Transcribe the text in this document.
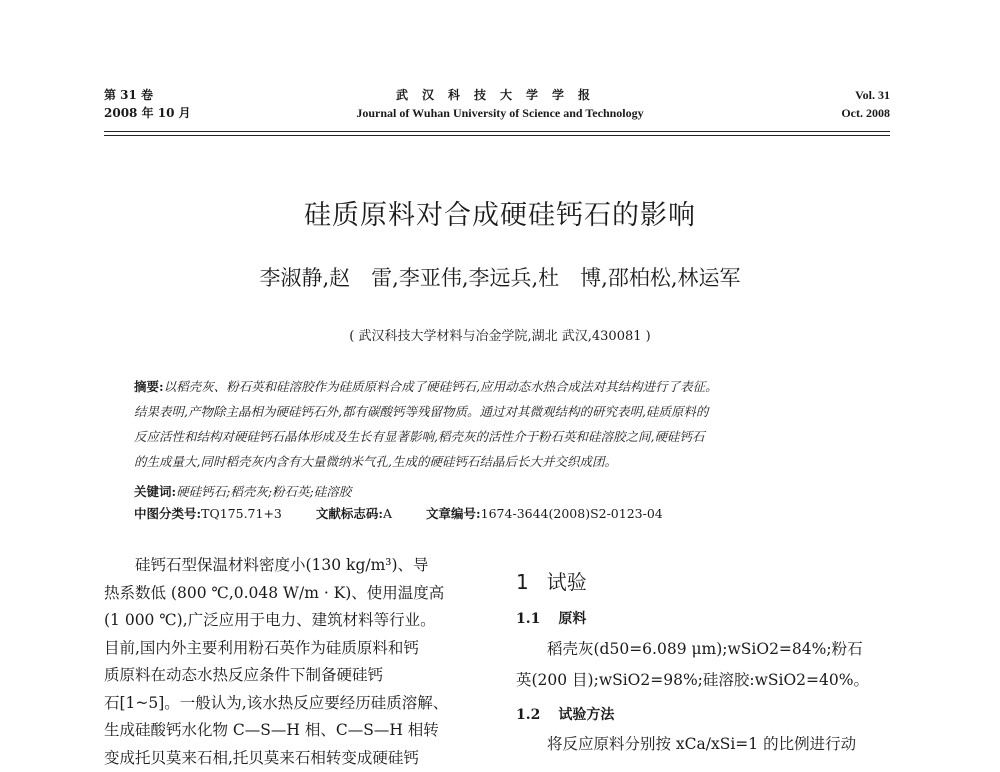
第 31 卷
2008 年 10 月
武汉科技大学学报
Journal of Wuhan University of Science and Technology
Vol. 31
Oct. 2008
硅质原料对合成硬硅钙石的影响
李淑静,赵　雷,李亚伟,李远兵,杜　博,邵柏松,林运军
( 武汉科技大学材料与冶金学院,湖北 武汉,430081 )
摘要:以稻壳灰、粉石英和硅溶胶作为硅质原料合成了硬硅钙石,应用动态水热合成法对其结构进行了表征。
结果表明,产物除主晶相为硬硅钙石外,都有碳酸钙等残留物质。通过对其微观结构的研究表明,硅质原料的
反应活性和结构对硬硅钙石晶体形成及生长有显著影响,稻壳灰的活性介于粉石英和硅溶胶之间,硬硅钙石
的生成量大,同时稻壳灰内含有大量微纳米气孔,生成的硬硅钙石结晶后长大并交织成团。
关键词:硬硅钙石;稻壳灰;粉石英;硅溶胶
中图分类号:TQ175.71+3	文献标志码:A	文章编号:1674-3644(2008)S2-0123-04

硅钙石型保温材料密度小(130 kg/m³)、导

热系数低 (800 ℃,0.048 W/m · K)、使用温度高
(1 000 ℃),广泛应用于电力、建筑材料等行业。
目前,国内外主要利用粉石英作为硅质原料和钙
质原料在动态水热反应条件下制备硬硅钙
石[1~5]。一般认为,该水热反应要经历硅质溶解、
生成硅酸钙水化物 C—S—H 相、C—S—H 相转
变成托贝莫来石相,托贝莫来石相转变成硬硅钙
1 试验
1.1 原料
稻壳灰(d50=6.089 μm);wSiO2=84%;粉石
英(200 目);wSiO2=98%;硅溶胶:wSiO2=40%。
1.2 试验方法
将反应原料分别按 xCa/xSi=1 的比例进行动
